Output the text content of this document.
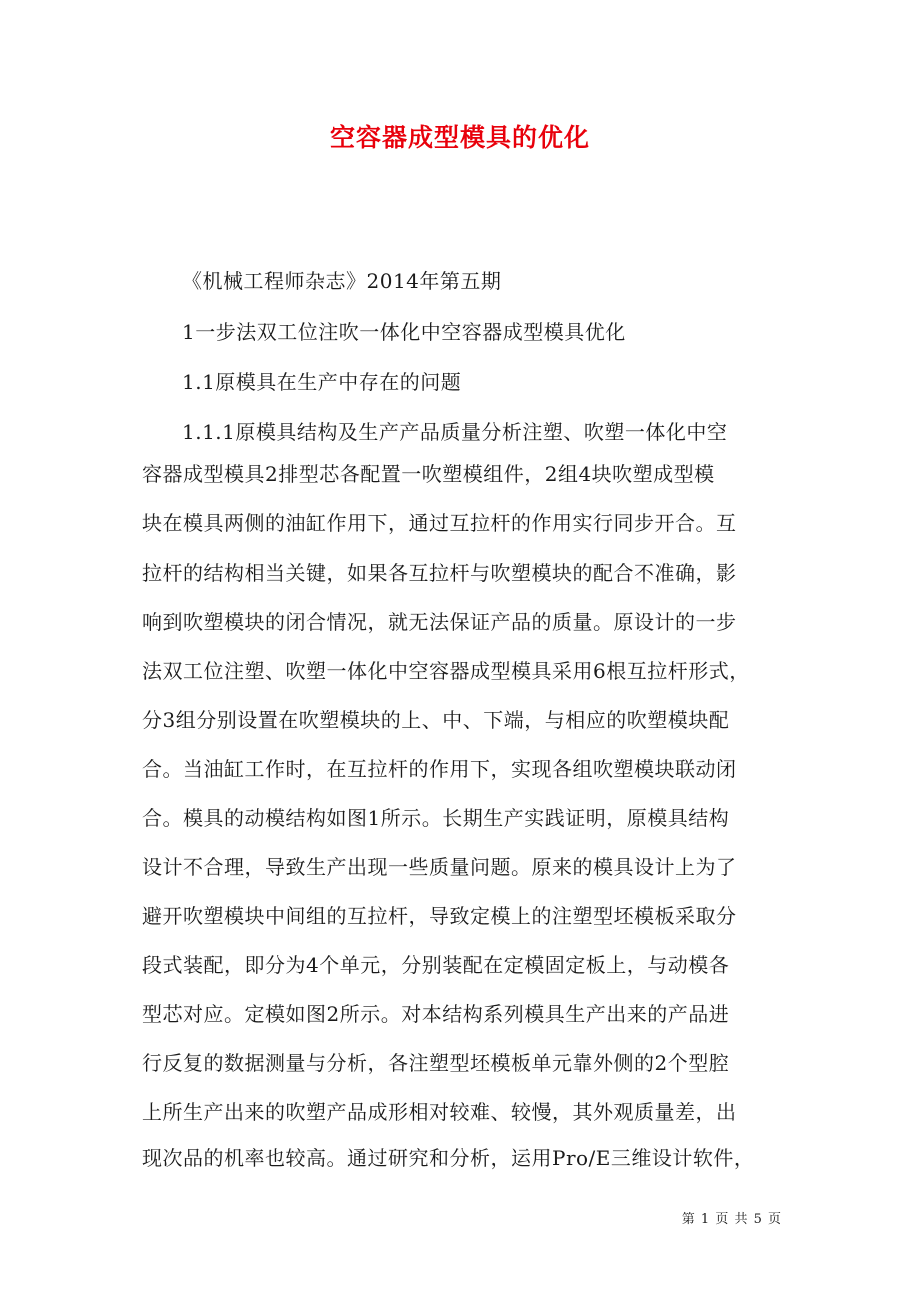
空容器成型模具的优化
《机械工程师杂志》2014年第五期
1一步法双工位注吹一体化中空容器成型模具优化
1.1原模具在生产中存在的问题
1.1.1原模具结构及生产产品质量分析注塑、吹塑一体化中空
容器成型模具2排型芯各配置一吹塑模组件，2组4块吹塑成型模
块在模具两侧的油缸作用下，通过互拉杆的作用实行同步开合。互
拉杆的结构相当关键，如果各互拉杆与吹塑模块的配合不准确，影
响到吹塑模块的闭合情况，就无法保证产品的质量。原设计的一步
法双工位注塑、吹塑一体化中空容器成型模具采用6根互拉杆形式，
分3组分别设置在吹塑模块的上、中、下端，与相应的吹塑模块配
合。当油缸工作时，在互拉杆的作用下，实现各组吹塑模块联动闭
合。模具的动模结构如图1所示。长期生产实践证明，原模具结构
设计不合理，导致生产出现一些质量问题。原来的模具设计上为了
避开吹塑模块中间组的互拉杆，导致定模上的注塑型坯模板采取分
段式装配，即分为4个单元，分别装配在定模固定板上，与动模各
型芯对应。定模如图2所示。对本结构系列模具生产出来的产品进
行反复的数据测量与分析，各注塑型坯模板单元靠外侧的2个型腔
上所生产出来的吹塑产品成形相对较难、较慢，其外观质量差，出
现次品的机率也较高。通过研究和分析，运用Pro/E三维设计软件，
第 1 页 共 5 页
